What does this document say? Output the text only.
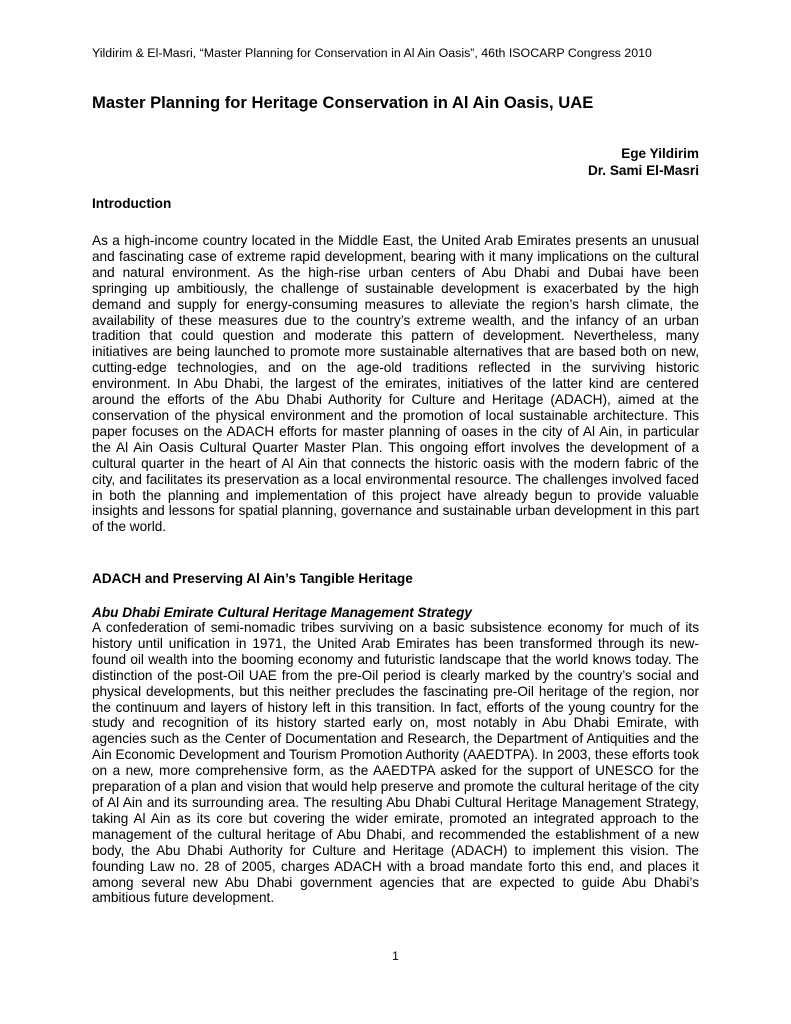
Yildirim & El-Masri, “Master Planning for Conservation in Al Ain Oasis”, 46th ISOCARP Congress 2010
Master Planning for Heritage Conservation in Al Ain Oasis, UAE
Ege Yildirim
Dr. Sami El-Masri
Introduction

As a high-income country located in the Middle East, the United Arab Emirates presents an unusual and fascinating case of extreme rapid development, bearing with it many implications on the cultural and natural environment. As the high-rise urban centers of Abu Dhabi and Dubai have been springing up ambitiously, the challenge of sustainable development is exacerbated by the high demand and supply for energy-consuming measures to alleviate the region’s harsh climate, the availability of these measures due to the country’s extreme wealth, and the infancy of an urban tradition that could question and moderate this pattern of development. Nevertheless, many initiatives are being launched to promote more sustainable alternatives that are based both on new, cutting-edge technologies, and on the age-old traditions reflected in the surviving historic environment. In Abu Dhabi, the largest of the emirates, initiatives of the latter kind are centered around the efforts of the Abu Dhabi Authority for Culture and Heritage (ADACH), aimed at the conservation of the physical environment and the promotion of local sustainable architecture. This paper focuses on the ADACH efforts for master planning of oases in the city of Al Ain, in particular the Al Ain Oasis Cultural Quarter Master Plan. This ongoing effort involves the development of a cultural quarter in the heart of Al Ain that connects the historic oasis with the modern fabric of the city, and facilitates its preservation as a local environmental resource. The challenges involved faced in both the planning and implementation of this project have already begun to provide valuable insights and lessons for spatial planning, governance and sustainable urban development in this part of the world.

ADACH and Preserving Al Ain’s Tangible Heritage
Abu Dhabi Emirate Cultural Heritage Management Strategy

A confederation of semi-nomadic tribes surviving on a basic subsistence economy for much of its history until unification in 1971, the United Arab Emirates has been transformed through its new-found oil wealth into the booming economy and futuristic landscape that the world knows today. The distinction of the post-Oil UAE from the pre-Oil period is clearly marked by the country’s social and physical developments, but this neither precludes the fascinating pre-Oil heritage of the region, nor the continuum and layers of history left in this transition. In fact, efforts of the young country for the study and recognition of its history started early on, most notably in Abu Dhabi Emirate, with agencies such as the Center of Documentation and Research, the Department of Antiquities and the Ain Economic Development and Tourism Promotion Authority (AAEDTPA). In 2003, these efforts took on a new, more comprehensive form, as the AAEDTPA asked for the support of UNESCO for the preparation of a plan and vision that would help preserve and promote the cultural heritage of the city of Al Ain and its surrounding area. The resulting Abu Dhabi Cultural Heritage Management Strategy, taking Al Ain as its core but covering the wider emirate, promoted an integrated approach to the management of the cultural heritage of Abu Dhabi, and recommended the establishment of a new body, the Abu Dhabi Authority for Culture and Heritage (ADACH) to implement this vision. The founding Law no. 28 of 2005, charges ADACH with a broad mandate forto this end, and places it among several new Abu Dhabi government agencies that are expected to guide Abu Dhabi’s ambitious future development.

1
